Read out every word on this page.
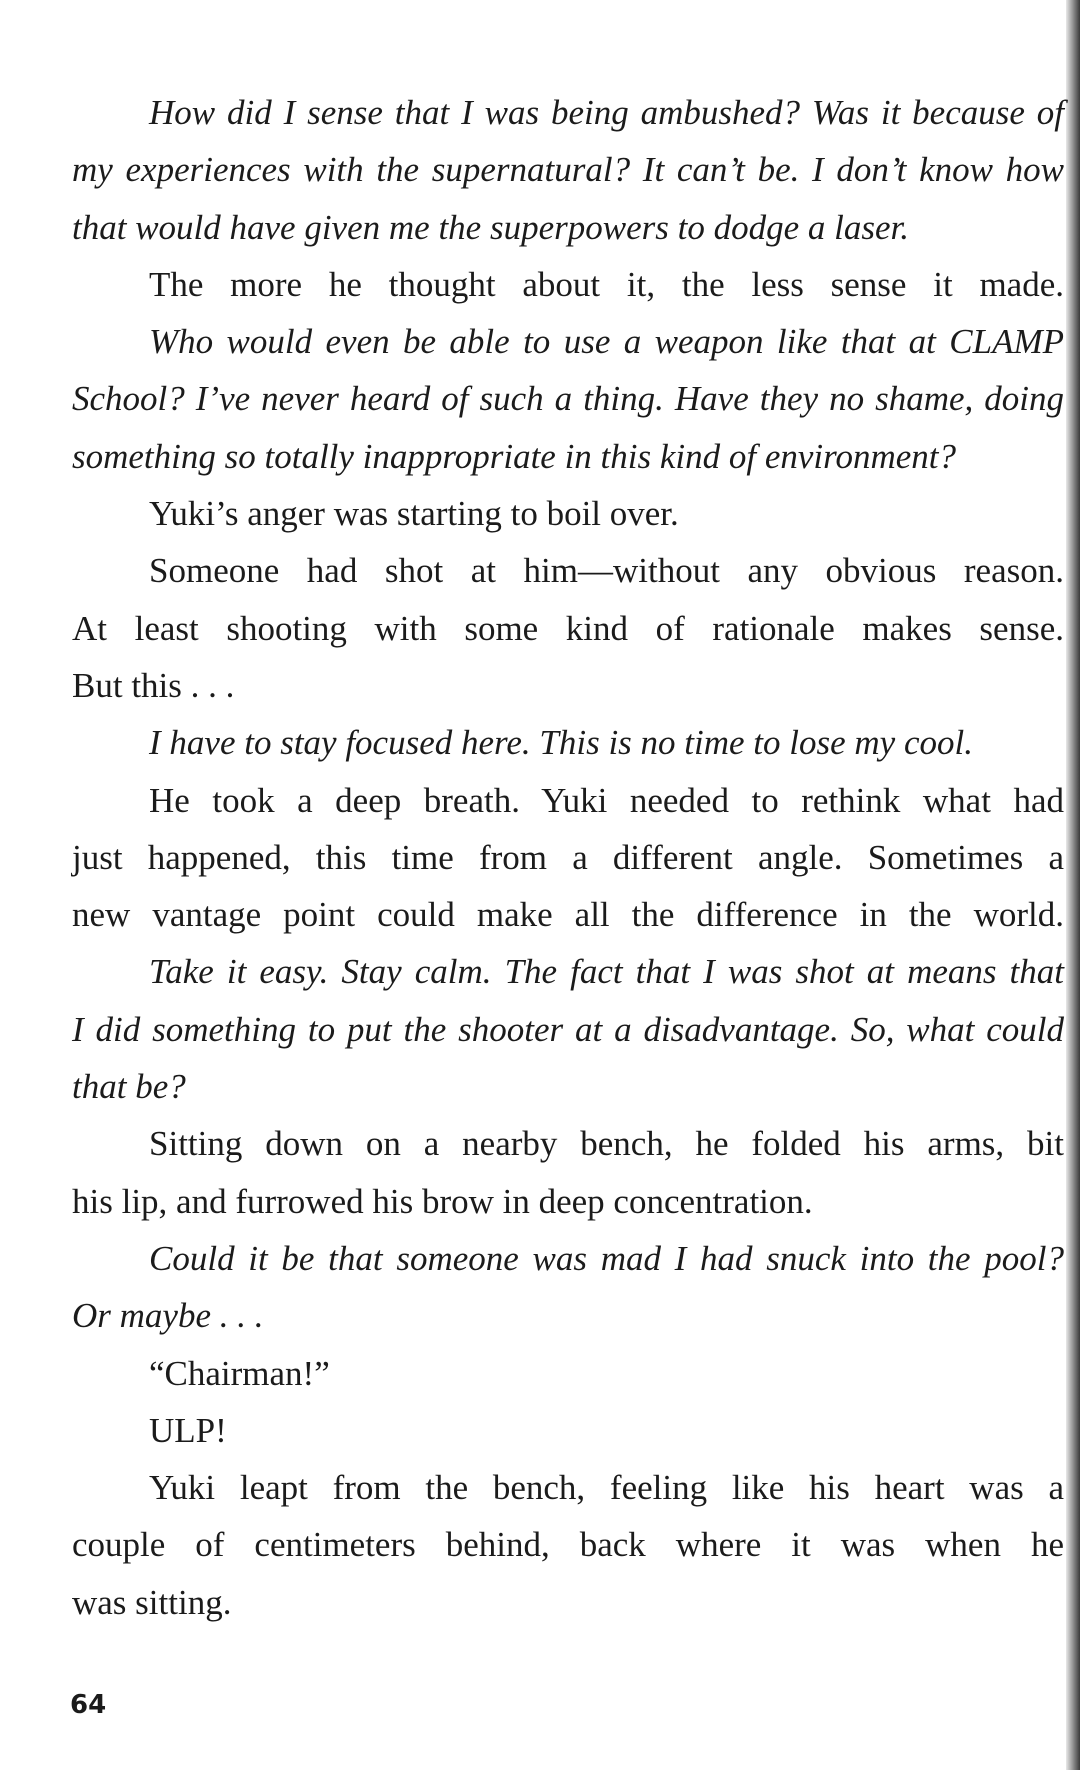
How did I sense that I was being ambushed? Was it because of
my experiences with the supernatural? It can’t be. I don’t know how
that would have given me the superpowers to dodge a laser.
The more he thought about it, the less sense it made.
Who would even be able to use a weapon like that at CLAMP
School? I’ve never heard of such a thing. Have they no shame, doing
something so totally inappropriate in this kind of environment?
Yuki’s anger was starting to boil over.
Someone had shot at him—without any obvious reason.
At least shooting with some kind of rationale makes sense.
But this . . .
I have to stay focused here. This is no time to lose my cool.
He took a deep breath. Yuki needed to rethink what had
just happened, this time from a different angle. Sometimes a
new vantage point could make all the difference in the world.
Take it easy. Stay calm. The fact that I was shot at means that
I did something to put the shooter at a disadvantage. So, what could
that be?
Sitting down on a nearby bench, he folded his arms, bit
his lip, and furrowed his brow in deep concentration.
Could it be that someone was mad I had snuck into the pool?
Or maybe . . .
“Chairman!”
ULP!
Yuki leapt from the bench, feeling like his heart was a
couple of centimeters behind, back where it was when he
was sitting.
64
